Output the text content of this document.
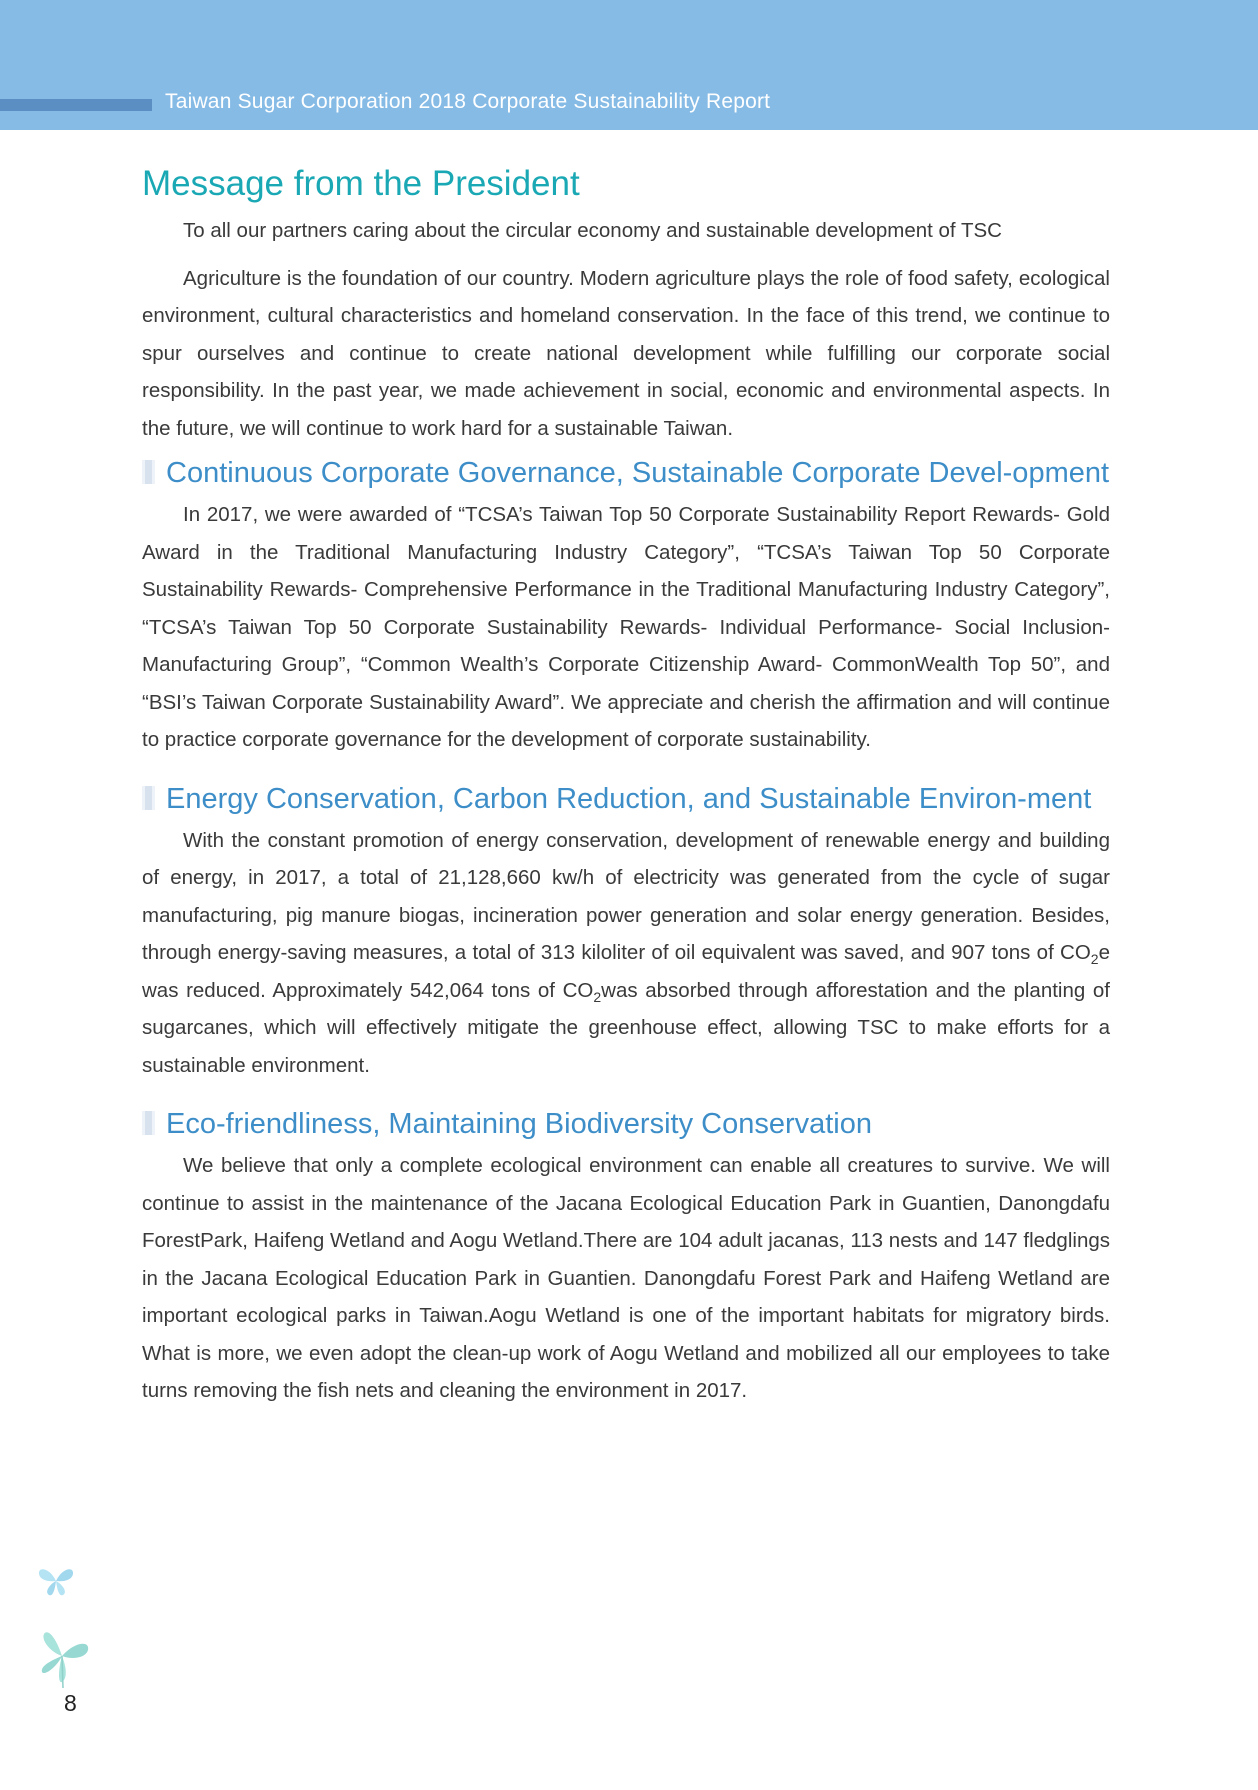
Taiwan Sugar Corporation 2018 Corporate Sustainability Report
Message from the President

To all our partners caring about the circular economy and sustainable development of TSC

Agriculture is the foundation of our country. Modern agriculture plays the role of food safety, ecological environment, cultural characteristics and homeland conservation. In the face of this trend, we continue to spur ourselves and continue to create national development while fulfilling our corporate social responsibility. In the past year, we made achievement in social, economic and environmental aspects. In the future, we will continue to work hard for a sustainable Taiwan.

Continuous Corporate Governance, Sustainable Corporate Devel-opment

In 2017, we were awarded of “TCSA’s Taiwan Top 50 Corporate Sustainability Report Rewards- Gold Award in the Traditional Manufacturing Industry Category”, “TCSA’s Taiwan Top 50 Corporate Sustainability Rewards- Comprehensive Performance in the Traditional Manufacturing Industry Category”, “TCSA’s Taiwan Top 50 Corporate Sustainability Rewards- Individual Performance- Social Inclusion-Manufacturing Group”, “Common Wealth’s Corporate Citizenship Award- CommonWealth Top 50”, and “BSI’s Taiwan Corporate Sustainability Award”. We appreciate and cherish the affirmation and will continue to practice corporate governance for the development of corporate sustainability.

Energy Conservation, Carbon Reduction, and Sustainable Environ-ment

With the constant promotion of energy conservation, development of renewable energy and building of energy, in 2017, a total of 21,128,660 kw/h of electricity was generated from the cycle of sugar manufacturing, pig manure biogas, incineration power generation and solar energy generation. Besides, through energy-saving measures, a total of 313 kiloliter of oil equivalent was saved, and 907 tons of $CO_2e$ was reduced. Approximately 542,064 tons of $CO_2was$ absorbed through afforestation and the planting of sugarcanes, which will effectively mitigate the greenhouse effect, allowing TSC to make efforts for a sustainable environment.

Eco-friendliness, Maintaining Biodiversity Conservation

We believe that only a complete ecological environment can enable all creatures to survive. We will continue to assist in the maintenance of the Jacana Ecological Education Park in Guantien, Danongdafu ForestPark, Haifeng Wetland and Aogu Wetland.There are 104 adult jacanas, 113 nests and 147 fledglings in the Jacana Ecological Education Park in Guantien. Danongdafu Forest Park and Haifeng Wetland are important ecological parks in Taiwan.Aogu Wetland is one of the important habitats for migratory birds. What is more, we even adopt the clean-up work of Aogu Wetland and mobilized all our employees to take turns removing the fish nets and cleaning the environment in 2017.

8
